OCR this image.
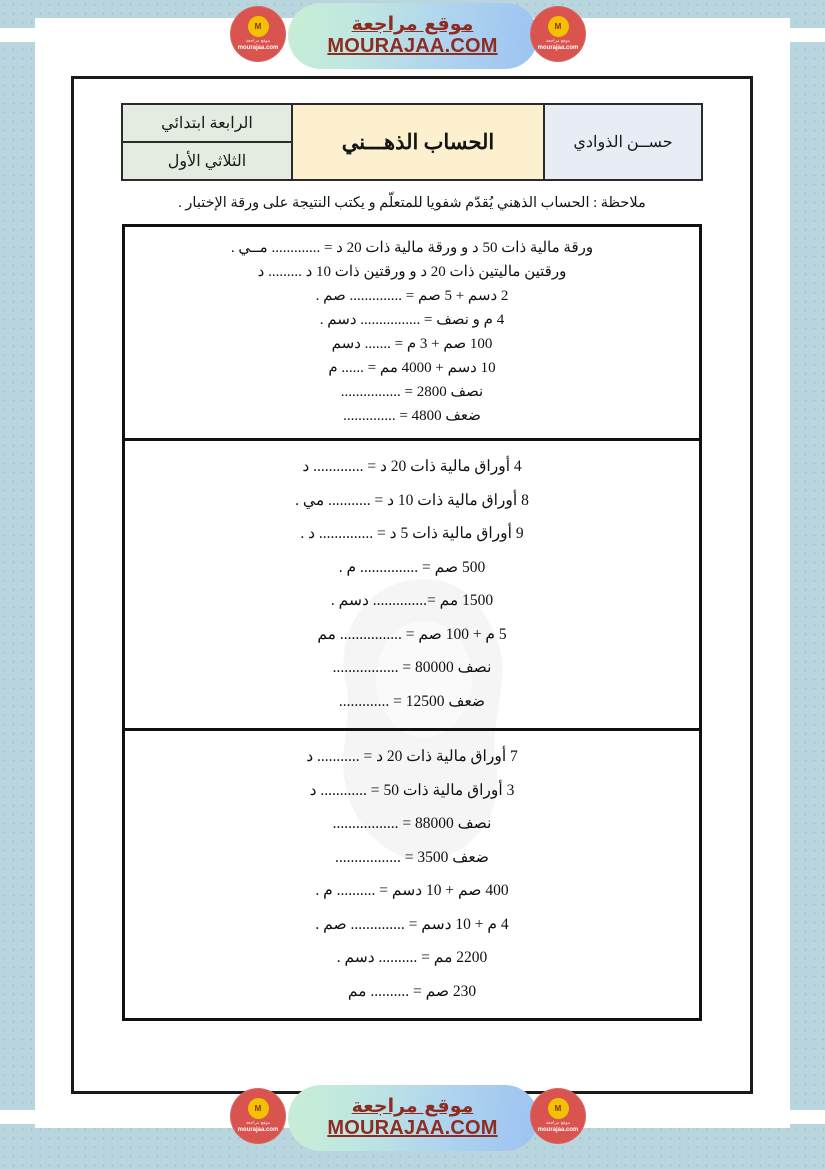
M
موقع مراجعة
mourajaa.com
موقع مراجعة
MOURAJAA.COM
M
موقع مراجعة
mourajaa.com
حســن الذوادي	الحساب الذهـــني	الرابعة ابتدائي
الثلاثي الأول
ملاحظة : الحساب الذهني يُقدّم شفويا للمتعلّم و يكتب النتيجة على ورقة الإختبار .
ورقة مالية ذات 50 د و ورقة مالية ذات 20 د = ............. مــي .
ورقتين ماليتين ذات 20 د و ورقتين ذات 10 د ......... د
2 دسم + 5 صم = .............. صم .
4 م و نصف = ................ دسم .
100 صم + 3 م = ....... دسم
10 دسم + 4000 مم = ...... م
نصف 2800 = ................
ضعف 4800 = ..............
4 أوراق مالية ذات 20 د = ............. د
8 أوراق مالية ذات 10 د = ........... مي .
9 أوراق مالية ذات 5 د = .............. د .
500 صم = ............... م .
1500 مم =.............. دسم .
5 م + 100 صم = ................ مم
نصف 80000 = .................
ضعف 12500 = .............
7 أوراق مالية ذات 20 د = ........... د
3 أوراق مالية ذات 50 = ............ د
نصف 88000 = .................
ضعف 3500 = .................
400 صم + 10 دسم = .......... م .
4 م + 10 دسم = .............. صم .
2200 مم = .......... دسم .
230 صم = .......... مم
M
موقع مراجعة
mourajaa.com
موقع مراجعة
MOURAJAA.COM
M
موقع مراجعة
mourajaa.com
